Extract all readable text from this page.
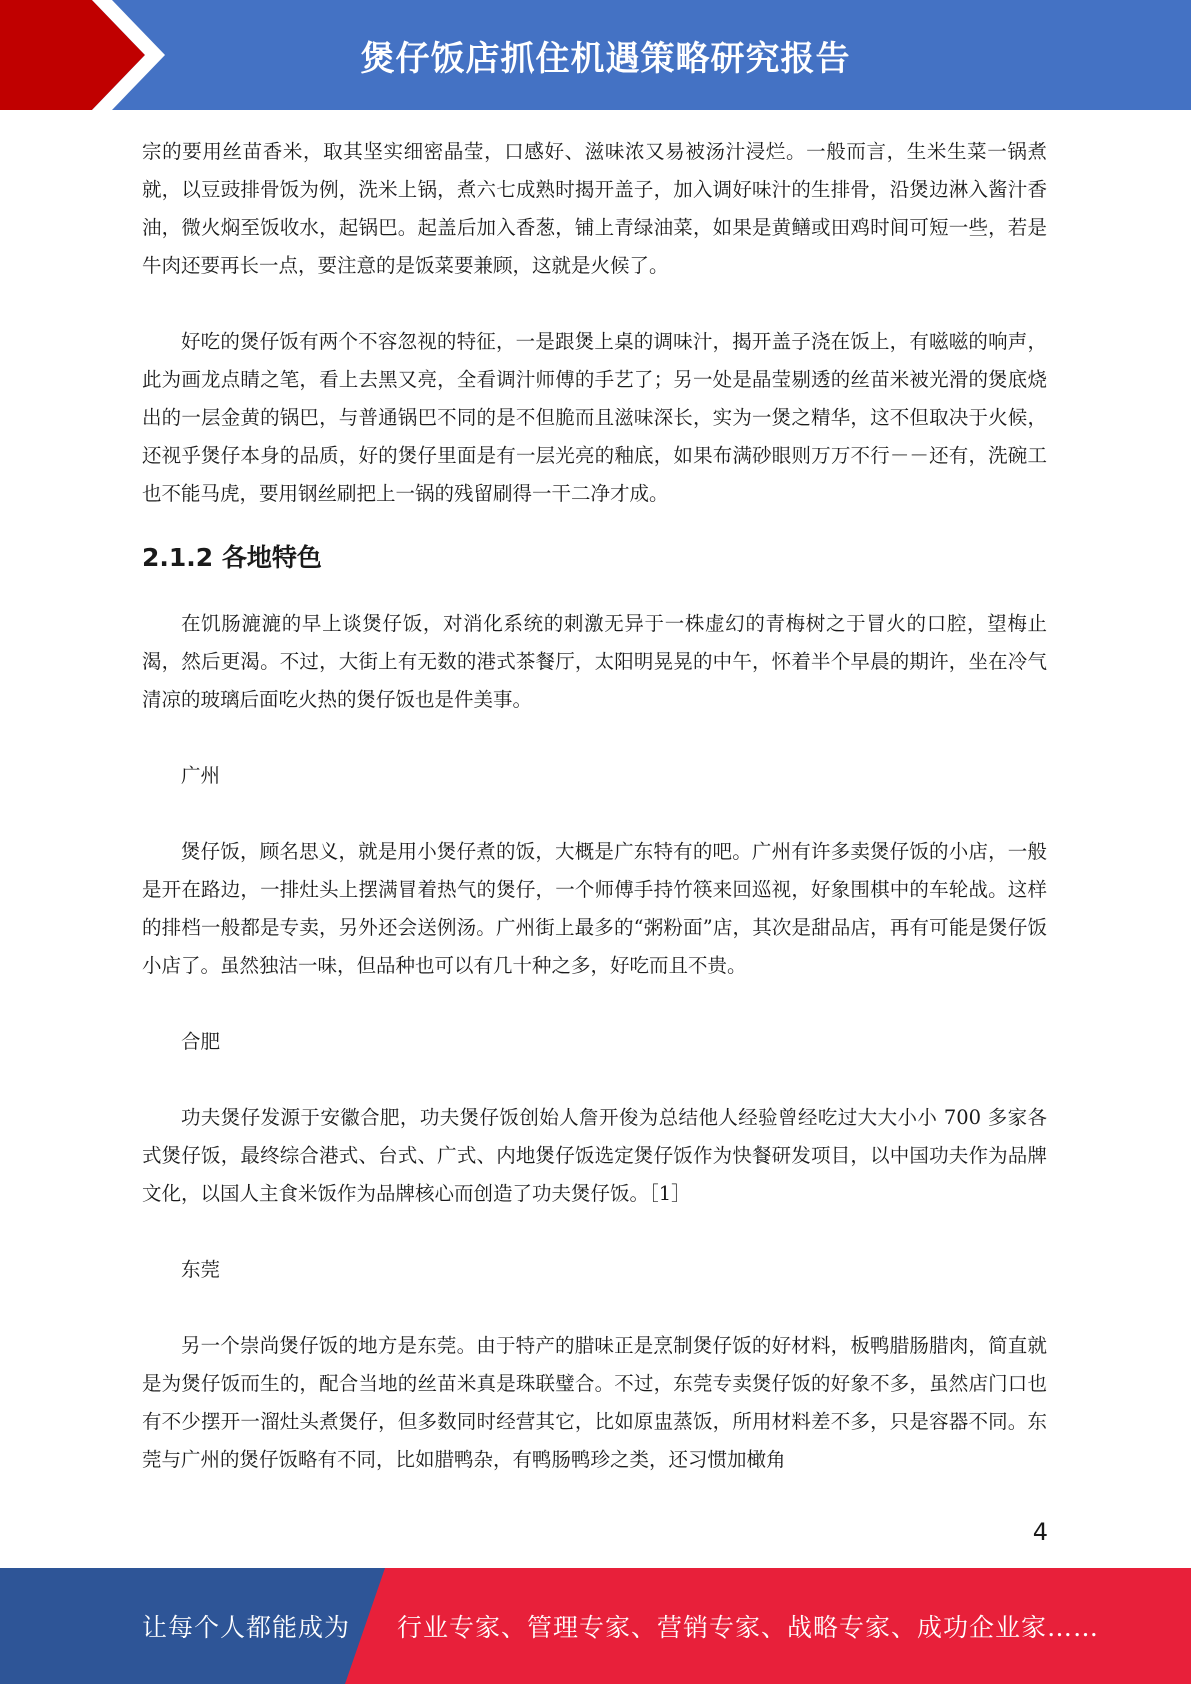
煲仔饭店抓住机遇策略研究报告

宗的要用丝苗香米，取其坚实细密晶莹，口感好、滋味浓又易被汤汁浸烂。一般而言，生米生菜一锅煮就，以豆豉排骨饭为例，洗米上锅，煮六七成熟时揭开盖子，加入调好味汁的生排骨，沿煲边淋入酱汁香油，微火焖至饭收水，起锅巴。起盖后加入香葱，铺上青绿油菜，如果是黄鳝或田鸡时间可短一些，若是牛肉还要再长一点，要注意的是饭菜要兼顾，这就是火候了。

好吃的煲仔饭有两个不容忽视的特征，一是跟煲上桌的调味汁，揭开盖子浇在饭上，有嗞嗞的响声，此为画龙点睛之笔，看上去黑又亮，全看调汁师傅的手艺了；另一处是晶莹剔透的丝苗米被光滑的煲底烧出的一层金黄的锅巴，与普通锅巴不同的是不但脆而且滋味深长，实为一煲之精华，这不但取决于火候，还视乎煲仔本身的品质，好的煲仔里面是有一层光亮的釉底，如果布满砂眼则万万不行－－还有，洗碗工也不能马虎，要用钢丝刷把上一锅的残留刷得一干二净才成。

2.1.2 各地特色

在饥肠漉漉的早上谈煲仔饭，对消化系统的刺激无异于一株虚幻的青梅树之于冒火的口腔，望梅止渴，然后更渴。不过，大街上有无数的港式茶餐厅，太阳明晃晃的中午，怀着半个早晨的期许，坐在冷气清凉的玻璃后面吃火热的煲仔饭也是件美事。

广州

煲仔饭，顾名思义，就是用小煲仔煮的饭，大概是广东特有的吧。广州有许多卖煲仔饭的小店，一般是开在路边，一排灶头上摆满冒着热气的煲仔，一个师傅手持竹筷来回巡视，好象围棋中的车轮战。这样的排档一般都是专卖，另外还会送例汤。广州街上最多的“粥粉面”店，其次是甜品店，再有可能是煲仔饭小店了。虽然独沽一味，但品种也可以有几十种之多，好吃而且不贵。

合肥

功夫煲仔发源于安徽合肥，功夫煲仔饭创始人詹开俊为总结他人经验曾经吃过大大小小 700 多家各式煲仔饭，最终综合港式、台式、广式、内地煲仔饭选定煲仔饭作为快餐研发项目，以中国功夫作为品牌文化，以国人主食米饭作为品牌核心而创造了功夫煲仔饭。［1］

东莞

另一个崇尚煲仔饭的地方是东莞。由于特产的腊味正是烹制煲仔饭的好材料，板鸭腊肠腊肉，简直就是为煲仔饭而生的，配合当地的丝苗米真是珠联璧合。不过，东莞专卖煲仔饭的好象不多，虽然店门口也有不少摆开一溜灶头煮煲仔，但多数同时经营其它，比如原盅蒸饭，所用材料差不多，只是容器不同。东莞与广州的煲仔饭略有不同，比如腊鸭杂，有鸭肠鸭珍之类，还习惯加橄角

4
让每个人都能成为 行业专家、管理专家、营销专家、战略专家、成功企业家……
